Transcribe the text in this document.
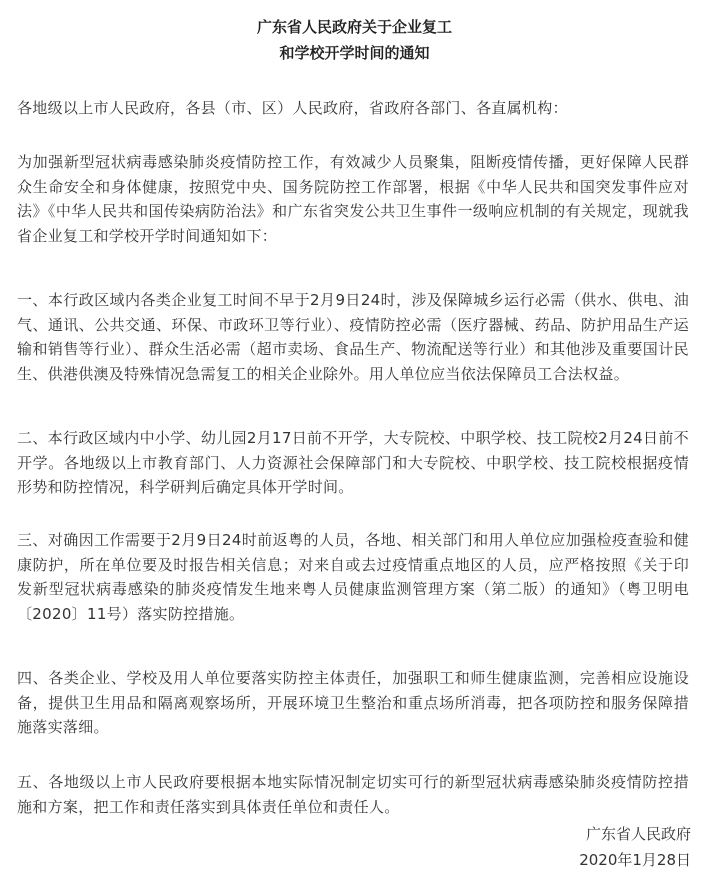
广东省人民政府关于企业复工
和学校开学时间的通知
各地级以上市人民政府，各县（市、区）人民政府，省政府各部门、各直属机构：
为加强新型冠状病毒感染肺炎疫情防控工作，有效减少人员聚集，阻断疫情传播，更好保障人民群众生命安全和身体健康，按照党中央、国务院防控工作部署，根据《中华人民共和国突发事件应对法》《中华人民共和国传染病防治法》和广东省突发公共卫生事件一级响应机制的有关规定，现就我省企业复工和学校开学时间通知如下：
一、本行政区域内各类企业复工时间不早于2月9日24时，涉及保障城乡运行必需（供水、供电、油气、通讯、公共交通、环保、市政环卫等行业）、疫情防控必需（医疗器械、药品、防护用品生产运输和销售等行业）、群众生活必需（超市卖场、食品生产、物流配送等行业）和其他涉及重要国计民生、供港供澳及特殊情况急需复工的相关企业除外。用人单位应当依法保障员工合法权益。
二、本行政区域内中小学、幼儿园2月17日前不开学，大专院校、中职学校、技工院校2月24日前不开学。各地级以上市教育部门、人力资源社会保障部门和大专院校、中职学校、技工院校根据疫情形势和防控情况，科学研判后确定具体开学时间。
三、对确因工作需要于2月9日24时前返粤的人员，各地、相关部门和用人单位应加强检疫查验和健康防护，所在单位要及时报告相关信息；对来自或去过疫情重点地区的人员，应严格按照《关于印发新型冠状病毒感染的肺炎疫情发生地来粤人员健康监测管理方案（第二版）的通知》（粤卫明电〔2020〕11号）落实防控措施。
四、各类企业、学校及用人单位要落实防控主体责任，加强职工和师生健康监测，完善相应设施设备，提供卫生用品和隔离观察场所，开展环境卫生整治和重点场所消毒，把各项防控和服务保障措施落实落细。
五、各地级以上市人民政府要根据本地实际情况制定切实可行的新型冠状病毒感染肺炎疫情防控措施和方案，把工作和责任落实到具体责任单位和责任人。
广东省人民政府
2020年1月28日
